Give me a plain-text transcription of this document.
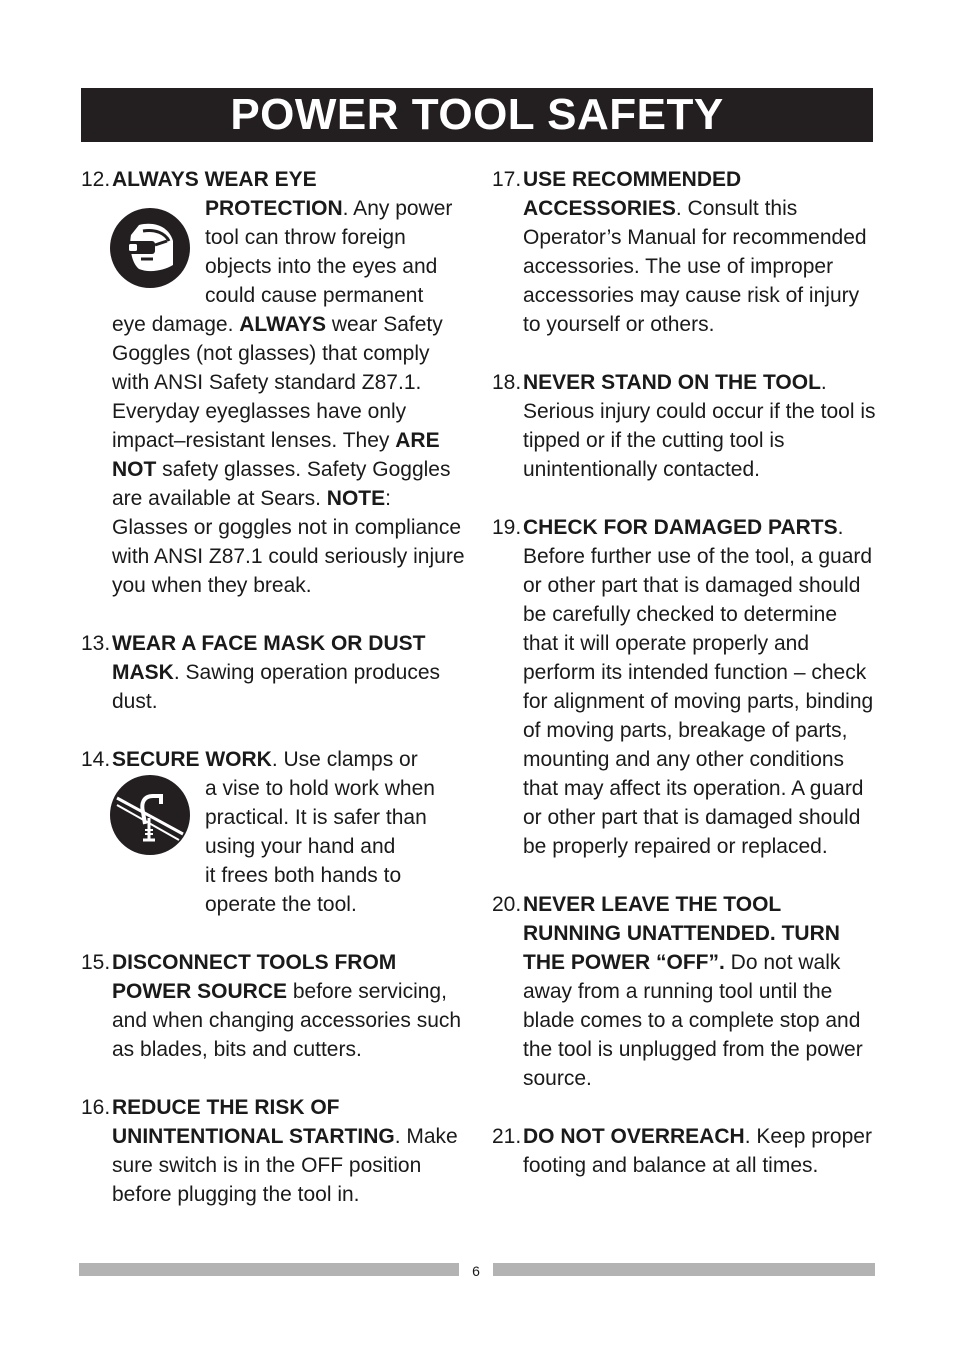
POWER TOOL SAFETY
12. ALWAYS WEAR EYE
PROTECTION. Any power
tool can throw foreign
objects into the eyes and
could cause permanent
eye damage. ALWAYS wear Safety Goggles (not glasses) that comply with ANSI Safety standard Z87.1. Everyday eyeglasses have only impact–resistant lenses. They ARE NOT safety glasses. Safety Goggles are available at Sears. NOTE: Glasses or goggles not in compliance with ANSI Z87.1 could seriously injure you when they break.
13. WEAR A FACE MASK OR DUST MASK. Sawing operation produces dust.
14. SECURE WORK. Use clamps or
a vise to hold work when
practical. It is safer than
using your hand and
it frees both hands to
operate the tool.
15. DISCONNECT TOOLS FROM POWER SOURCE before servicing, and when changing accessories such as blades, bits and cutters.
16. REDUCE THE RISK OF UNINTENTIONAL STARTING. Make sure switch is in the OFF position before plugging the tool in.
17. USE RECOMMENDED ACCESSORIES. Consult this Operator’s Manual for recommended accessories. The use of improper accessories may cause risk of injury to yourself or others.
18. NEVER STAND ON THE TOOL. Serious injury could occur if the tool is tipped or if the cutting tool is unintentionally contacted.
19. CHECK FOR DAMAGED PARTS. Before further use of the tool, a guard or other part that is damaged should be carefully checked to determine that it will operate properly and perform its intended function – check for alignment of moving parts, binding of moving parts, breakage of parts, mounting and any other conditions that may affect its operation. A guard or other part that is damaged should be properly repaired or replaced.
20. NEVER LEAVE THE TOOL RUNNING UNATTENDED. TURN THE POWER “OFF”. Do not walk away from a running tool until the blade comes to a complete stop and the tool is unplugged from the power source.
21. DO NOT OVERREACH. Keep proper footing and balance at all times.
6
